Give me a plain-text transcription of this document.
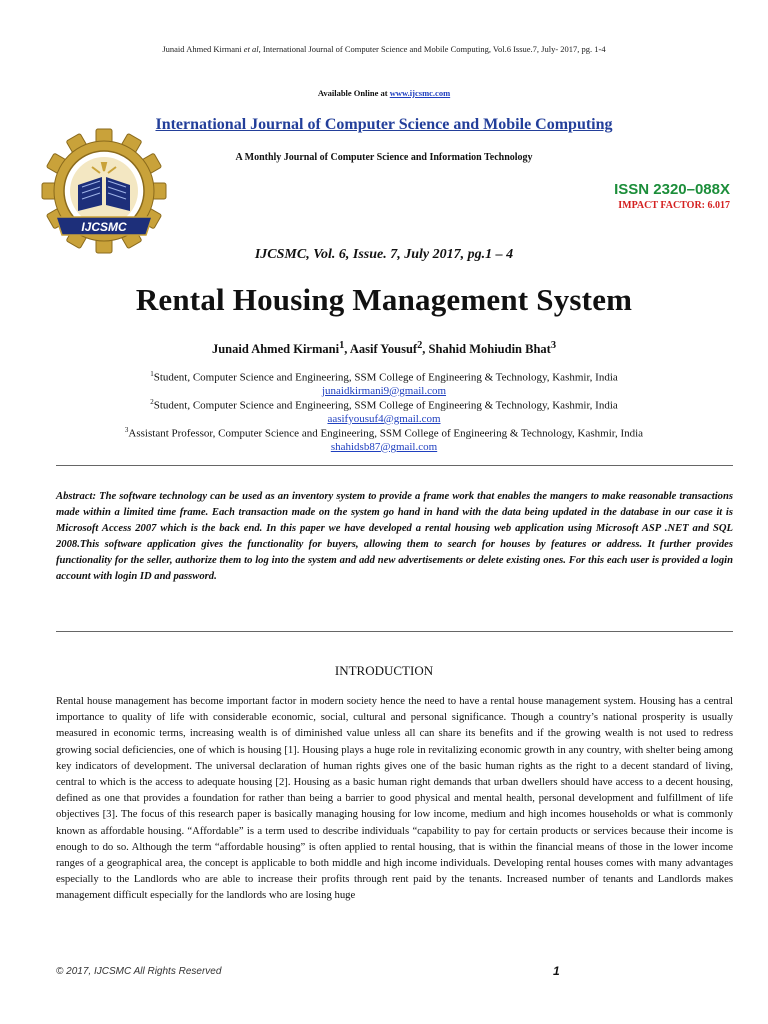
Junaid Ahmed Kirmani et al, International Journal of Computer Science and Mobile Computing, Vol.6 Issue.7, July- 2017, pg. 1-4
Available Online at www.ijcsmc.com
International Journal of Computer Science and Mobile Computing
A Monthly Journal of Computer Science and Information Technology
ISSN 2320–088X
IMPACT FACTOR: 6.017
IJCSMC
IJCSMC, Vol. 6, Issue. 7, July 2017, pg.1 – 4
Rental Housing Management System
Junaid Ahmed Kirmani$^1$, Aasif Yousuf$^2$, Shahid Mohiudin Bhat$^3$
$^1$Student, Computer Science and Engineering, SSM College of Engineering & Technology, Kashmir, India
junaidkirmani9@gmail.com
$^2$Student, Computer Science and Engineering, SSM College of Engineering & Technology, Kashmir, India
aasifyousuf4@gmail.com
$^3$Assistant Professor, Computer Science and Engineering, SSM College of Engineering & Technology, Kashmir, India
shahidsb87@gmail.com
Abstract: The software technology can be used as an inventory system to provide a frame work that enables the mangers to make reasonable transactions made within a limited time frame. Each transaction made on the system go hand in hand with the data being updated in the database in our case it is Microsoft Access 2007 which is the back end. In this paper we have developed a rental housing web application using Microsoft ASP .NET and SQL 2008.This software application gives the functionality for buyers, allowing them to search for houses by features or address. It further provides functionality for the seller, authorize them to log into the system and add new advertisements or delete existing ones. For this each user is provided a login account with login ID and password.
INTRODUCTION
Rental house management has become important factor in modern society hence the need to have a rental house management system. Housing has a central importance to quality of life with considerable economic, social, cultural and personal significance. Though a country’s national prosperity is usually measured in economic terms, increasing wealth is of diminished value unless all can share its benefits and if the growing wealth is not used to redress growing social deficiencies, one of which is housing [1]. Housing plays a huge role in revitalizing economic growth in any country, with shelter being among key indicators of development. The universal declaration of human rights gives one of the basic human rights as the right to a decent standard of living, central to which is the access to adequate housing [2]. Housing as a basic human right demands that urban dwellers should have access to a decent housing, defined as one that provides a foundation for rather than being a barrier to good physical and mental health, personal development and fulfillment of life objectives [3]. The focus of this research paper is basically managing housing for low income, medium and high incomes households or what is commonly known as affordable housing. “Affordable” is a term used to describe individuals “capability to pay for certain products or services because their income is enough to do so. Although the term “affordable housing” is often applied to rental housing, that is within the financial means of those in the lower income ranges of a geographical area, the concept is applicable to both middle and high income individuals. Developing rental houses comes with many advantages especially to the Landlords who are able to increase their profits through rent paid by the tenants. Increased number of tenants and Landlords makes management difficult especially for the landlords who are losing huge
© 2017, IJCSMC All Rights Reserved	1
